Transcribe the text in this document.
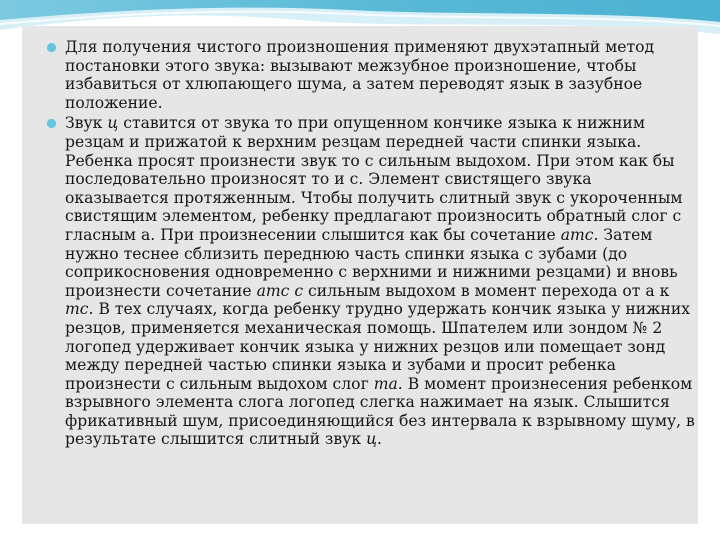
Для получения чистого произношения применяют двухэтапный метод постановки этого звука: вызывают межзубное произношение, чтобы избавиться от хлюпающего шума, а затем переводят язык в зазубное положение.
Звук ц ставится от звука то при опущенном кончике языка к нижним резцам и прижатой к верхним резцам передней части спинки языка. Ребенка просят произнести звук то с сильным выдохом. При этом как бы последовательно произносят то и с. Элемент свистящего звука оказывается протяженным. Чтобы получить слитный звук с укороченным свистящим элементом, ребенку предлагают произносить обратный слог с гласным а. При произнесении слышится как бы сочетание атс. Затем нужно теснее сблизить переднюю часть спинки языка с зубами (до соприкосновения одновременно с верхними и нижними резцами) и вновь произнести сочетание атс с сильным выдохом в момент перехода от а к тс. В тех случаях, когда ребенку трудно удержать кончик языка у нижних резцов, применяется механическая помощь. Шпателем или зондом № 2 логопед удерживает кончик языка у нижних резцов или помещает зонд между передней частью спинки языка и зубами и просит ребенка произнести с сильным выдохом слог та. В момент произнесения ребенком взрывного элемента слога логопед слегка нажимает на язык. Слышится фрикативный шум, присоединяющийся без интервала к взрывному шуму, в результате слышится слитный звук ц.
